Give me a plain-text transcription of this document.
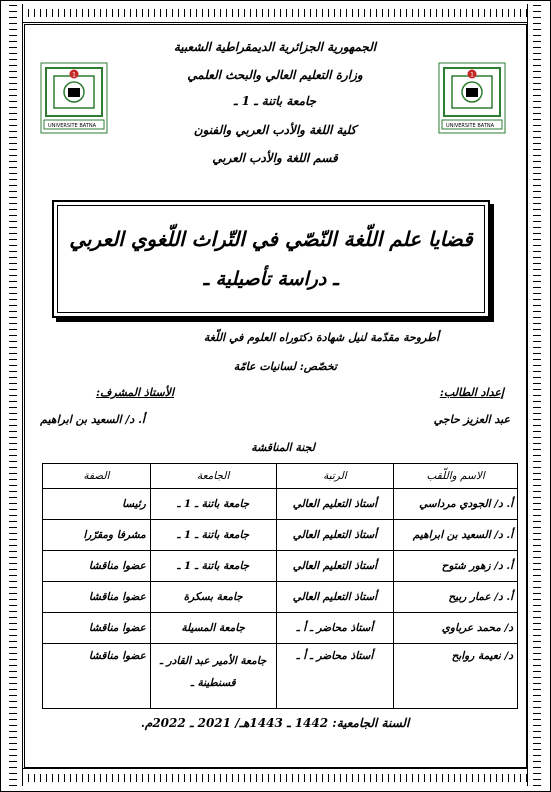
1
UNIVERSITE BATNA
1
UNIVERSITE BATNA
الجمهورية الجزائرية الديمقراطية الشعبية
وزارة التعليم العالي والبحث العلمي
جامعة باتنة ـ 1 ـ
كلية اللغة والأدب العربي والفنون
قسم اللغة والأدب العربي
قضايا علم اللّغة النّصّي في التّراث اللّغوي العربي
ـ دراسة تأصيلية ـ
أطروحة مقدّمة لنيل شهادة دكتوراه العلوم في اللّغة
تخصّص: لسانيات عامّة
إعداد الطالب:
عبد العزيز حاجي
الأستاذ المشرف:
أ. د/ السعيد بن ابراهيم
لجنة المناقشة
الاسم واللّقب	الرتبة	الجامعة	الصفة
أ. د/ الجودي مرداسي	أستاذ التعليم العالي	جامعة باتنة ـ 1 ـ	رئيسا
أ. د/ السعيد بن ابراهيم	أستاذ التعليم العالي	جامعة باتنة ـ 1 ـ	مشرفا ومقرّرا
أ. د/ زهور شتوح	أستاذ التعليم العالي	جامعة باتنة ـ 1 ـ	عضوا مناقشا
أ. د/ عمار ربيح	أستاذ التعليم العالي	جامعة بسكرة	عضوا مناقشا
د/ محمد عرباوي	أستاذ محاضر ـ أ ـ	جامعة المسيلة	عضوا مناقشا
د/ نعيمة روابح	أستاذ محاضر ـ أ ـ	جامعة الأمير عبد القادر ـ قسنطينة ـ	عضوا مناقشا
السنة الجامعية: 1442 ـ 1443هـ/ 2021 ـ 2022م.
